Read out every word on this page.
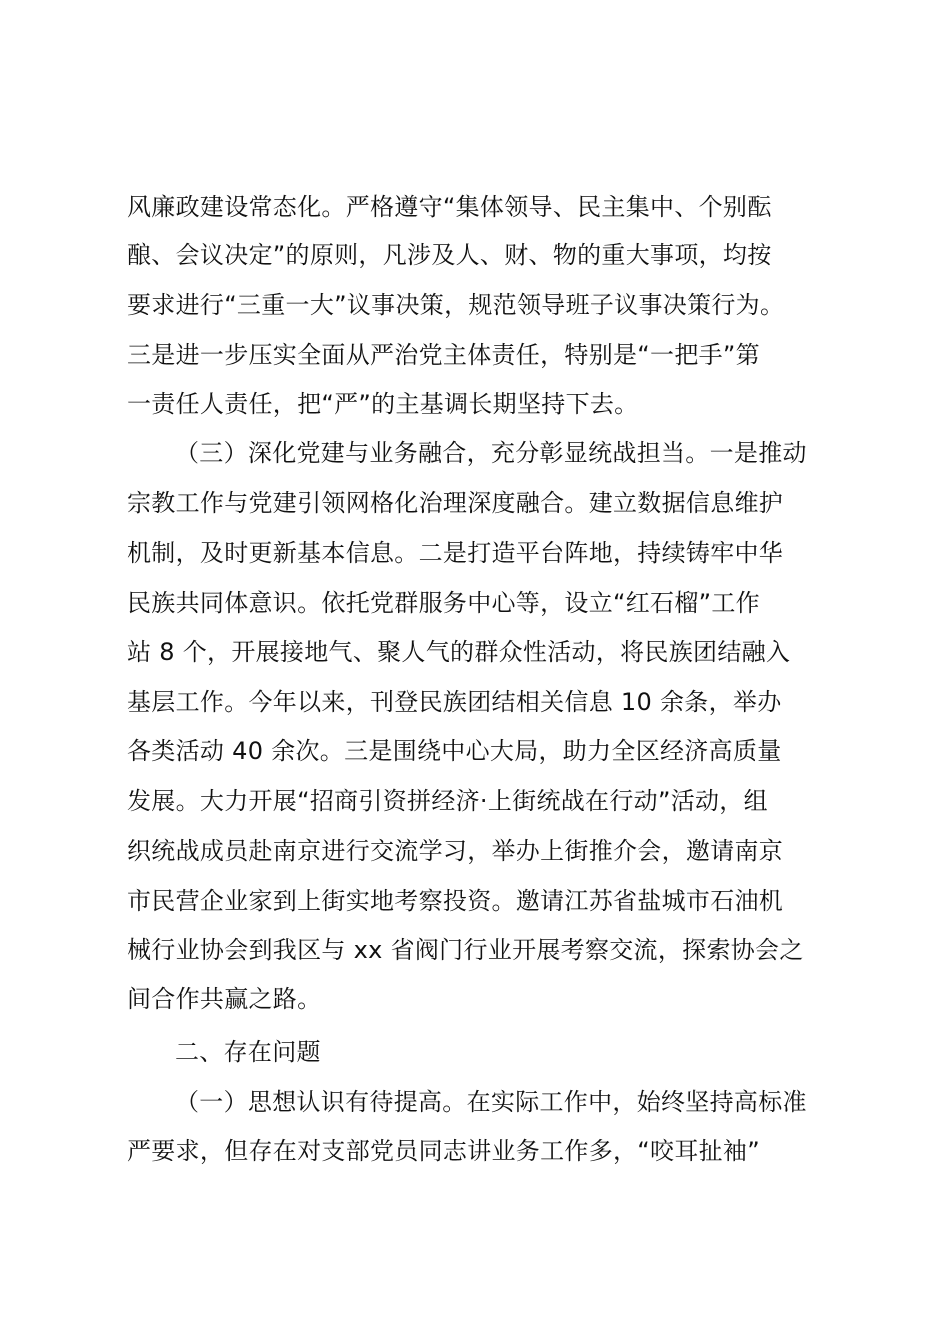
风廉政建设常态化。严格遵守“集体领导、民主集中、个别酝
酿、会议决定”的原则，凡涉及人、财、物的重大事项，均按
要求进行“三重一大”议事决策，规范领导班子议事决策行为。
三是进一步压实全面从严治党主体责任，特别是“一把手”第
一责任人责任，把“严”的主基调长期坚持下去。
（三）深化党建与业务融合，充分彰显统战担当。一是推动
宗教工作与党建引领网格化治理深度融合。建立数据信息维护
机制，及时更新基本信息。二是打造平台阵地，持续铸牢中华
民族共同体意识。依托党群服务中心等，设立“红石榴”工作
站 8 个，开展接地气、聚人气的群众性活动，将民族团结融入
基层工作。今年以来，刊登民族团结相关信息 10 余条，举办
各类活动 40 余次。三是围绕中心大局，助力全区经济高质量
发展。大力开展“招商引资拼经济·上街统战在行动”活动，组
织统战成员赴南京进行交流学习，举办上街推介会，邀请南京
市民营企业家到上街实地考察投资。邀请江苏省盐城市石油机
械行业协会到我区与 xx 省阀门行业开展考察交流，探索协会之
间合作共赢之路。
二、存在问题
（一）思想认识有待提高。在实际工作中，始终坚持高标准
严要求，但存在对支部党员同志讲业务工作多，“咬耳扯袖”
